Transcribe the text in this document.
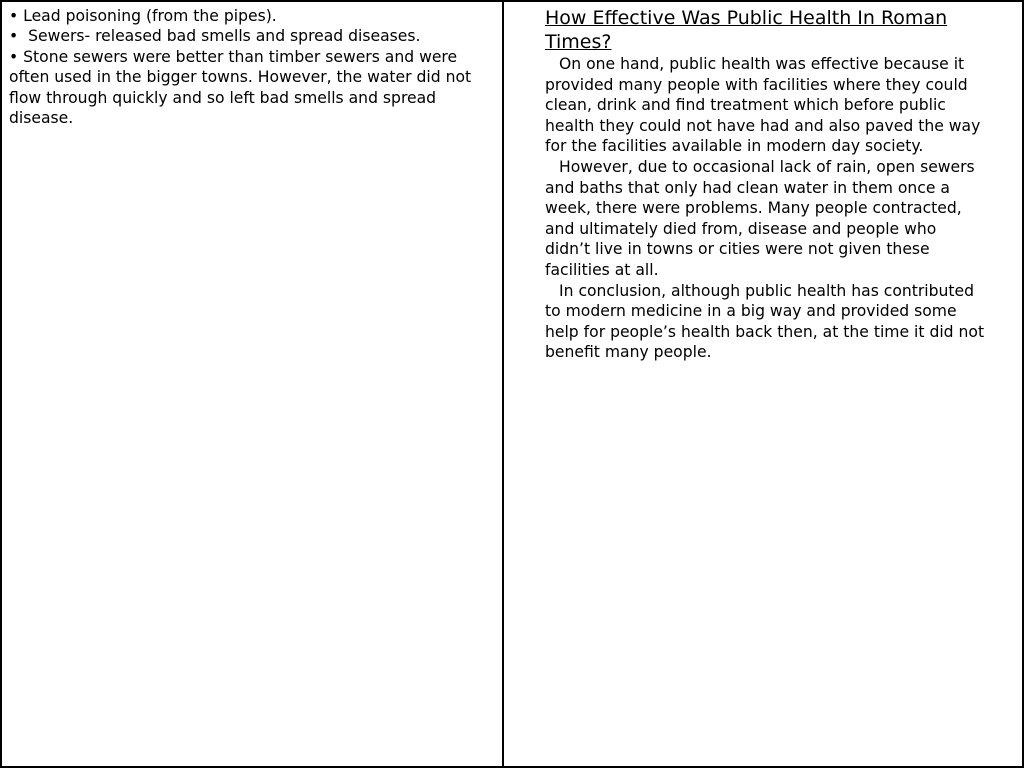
• Lead poisoning (from the pipes).

•  Sewers- released bad smells and spread diseases.

• Stone sewers were better than timber sewers and were often used in the bigger towns. However, the water did not flow through quickly and so left bad smells and spread disease.

How Effective Was Public Health In Roman Times?

On one hand, public health was effective because it provided many people with facilities where they could clean, drink and find treatment which before public health they could not have had and also paved the way for the facilities available in modern day society.

However, due to occasional lack of rain, open sewers and baths that only had clean water in them once a week, there were problems. Many people contracted, and ultimately died from, disease and people who didn’t live in towns or cities were not given these facilities at all.

In conclusion, although public health has contributed to modern medicine in a big way and provided some help for people’s health back then, at the time it did not benefit many people.
